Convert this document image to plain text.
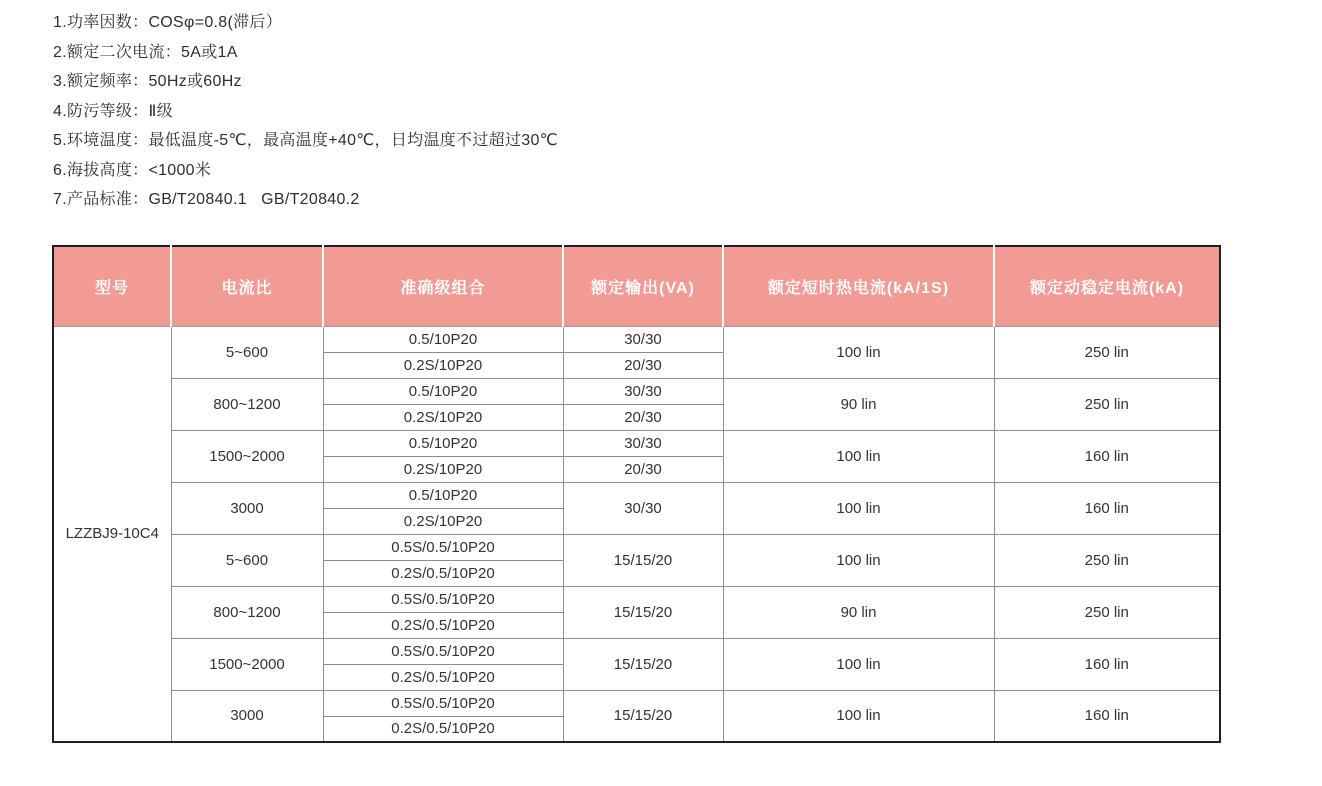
1.功率因数：COSφ=0.8(滞后）
2.额定二次电流：5A或1A
3.额定频率：50Hz或60Hz
4.防污等级：Ⅱ级
5.环境温度：最低温度-5℃，最高温度+40℃，日均温度不过超过30℃
6.海拔高度：<1000米
7.产品标准：GB/T20840.1   GB/T20840.2
型号	电流比	准确级组合	额定输出(VA)	额定短时热电流(kA/1S)	额定动稳定电流(kA)
LZZBJ9-10C4	5~600	0.5/10P20	30/30	100 lin	250 lin
		0.2S/10P20	20/30		
	800~1200	0.5/10P20	30/30	90 lin	250 lin
		0.2S/10P20	20/30		
	1500~2000	0.5/10P20	30/30	100 lin	160 lin
		0.2S/10P20	20/30		
	3000	0.5/10P20	30/30	100 lin	160 lin
		0.2S/10P20			
	5~600	0.5S/0.5/10P20	15/15/20	100 lin	250 lin
		0.2S/0.5/10P20			
	800~1200	0.5S/0.5/10P20	15/15/20	90 lin	250 lin
		0.2S/0.5/10P20			
	1500~2000	0.5S/0.5/10P20	15/15/20	100 lin	160 lin
		0.2S/0.5/10P20			
	3000	0.5S/0.5/10P20	15/15/20	100 lin	160 lin
		0.2S/0.5/10P20			
